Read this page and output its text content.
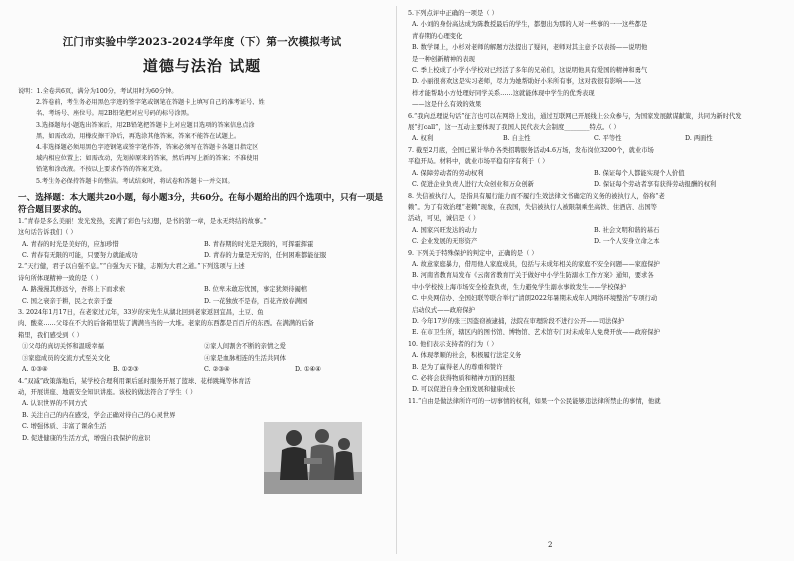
江门市实验中学2023-2024学年度（下）第一次模拟考试
道德与法治 试题
说明：1.全卷共6页，满分为100分，考试用时为60分钟。
2.答卷前，考生务必用黑色字迹的签字笔或钢笔在答题卡上填写自己的准考证号、姓
名、考场号、座位号。用2B铅笔把对应号码的标号涂黑。
3.选择题每小题选出答案后，用2B铅笔把答题卡上对应题目选项的答案信息点涂
黑，如需改动，用橡皮擦干净后，再选涂其他答案，答案不能答在试题上。
4.非选择题必须用黑色字迹钢笔或签字笔作答，答案必须写在答题卡各题目指定区
域内相应位置上；如需改动，先划掉原来的答案，然后再写上新的答案；不准使用
铅笔和涂改液。不按以上要求作答的答案无效。
5.考生务必保持答题卡的整洁。考试结束时，将试卷和答题卡一并交回。
一、选择题：本大题共20小题，每小题3分，共60分。在每小题给出的四个选项中，只有一项是符合题目要求的。
1.“青春是多么美丽！发光发热，充满了彩色与幻想，是书的第一章，是永无终结的故事。”
这句话告诉我们（ ）
A. 青春的时光是美好的，应加珍惜	B. 青春期的时光是无限的，可挥霍挥霍
C. 青春有无限的可能，只要努力就能成功	D. 青春的力量是无穷的，任何困难都能征服
2.“天行健，君子以自强不息。”“自强为天下健，志刚为大君之道。”下列选项与上述
诗句所体现精神一致的是（ ）
A. 路漫漫其修远兮，吾将上下而求索	B. 位卑未敢忘忧国，事定犹须待阖棺
C. 国之衰亲于耕，民之衣亲于蚕	D. 一花独放不是春，百花齐放春满园
3. 2024年1月17日，在老家过元年，33岁的宋先生从湖北回到老家返回宜昌，土豆、鱼
肉、酸菜……父母在不大的后备箱里装了满满当当的一大堆。老家的东西都是百百斤的东西。在满满的后备
箱里，我们感受到（ ）
①父母的真切关怀和温暖幸福	②家人间割舍不断的亲情之爱
③家庭成员的交流方式至关文化	④家是血脉相连的生活共同体
A. ①③④	B. ①②③	C. ②③④	D. ①④④
4.“双减”政策落地后，某学校合理利用课后延时服务开展了篮球、花样跳绳等体育活
动，开展讲座、地震安全知识讲座。该校的做法符合了学生（ ）
A. 认识世界的不同方式
B. 关注自己的内在感受，学会正确对待自己的心灵世界
C. 增强体质、丰富了课余生活
D. 促进健康的生活方式，增强自我保护的意识
5.下列点评中正确的一项是（ ）
A. 小刘的身份高达成为陈教授最后的学生，都想出为那的人对一些事的一一这些都是
青春期的心理变化
B. 数学课上，小杉对老师的解题方法提出了疑问，老师对其主意予以表扬——说明他
是一种创新精神的表现
C. 季上校成了小学小学校对已经活了多年的兄弟们，这说明他具有爱国的精神和勇气
D. 小丽很喜欢这是实习老师，尽力为她帮助好小米所有事，这对我很有影响——这
样才能帮助小方处理好同学关系……这就能体现中学生的优秀表现
——这是什么有效的效果
6.“我向总理说句话”征言也可以在网络上发出，通过互联网已开展线上公众参与，为国家发展献谋献策，共同为新时代发
展“打call”，这一互动主要体现了我国人民代表大会制度________特点。（ ）
A. 权利	B. 自主性	C. 平等性	D. 两面性
7. 截至2月底，全国已累计举办各类招聘服务活动4.6万场，发布岗位3200个，就业市场
平稳开局。材料中，就业市场平稳有序有利于（ ）
A. 保障劳动者的劳动权利	B. 保证每个人都能实现个人价值
C. 促进企业负责人进行大众创业和万众创新	D. 保证每个劳动者享有获得劳动报酬的权利
8. 失信被执行人，是指具有履行能力而不履行生效法律文书确定的义务的被执行人，俗称“老
赖”。为了有效治理“老赖”现象，在我国，失信被执行人被限制乘坐高铁、住酒店、出国等
活动，可见，诚信是（ ）
A. 国家兴旺发达的动力	B. 社会文明和谐的基石
C. 企业发展的无形资产	D. 一个人安身立命之本
9. 下列关于特殊保护的判定中，正确的是（ ）
A. 故意家庭暴力，借用他人家庭成员，包括与未成年相关的家庭不安全问题——家庭保护
B. 河南省教育局发布《云南省教育厅关于做好中小学生防溺水工作方案》通知，要求各
中小学校按上海市场安全检查负责，生力避免学生溺水事故发生——学校保护
C. 中央网信办、全国妇联等联合举行“清朗2022年暑期未成年人网络环境整治”专项行动
启动仪式——政府保护
D. 今年17岁的张三因盗窃被逮捕，法院在审理阶段不进行公开——司法保护
E. 在市卫生所，辖区内的图书馆、博物馆、艺术馆专门对未成年人免费开放——政府保护
10. 他们表示支持者的行为（ ）
A. 体现孝顺的社会，积极履行法定义务
B. 是为了赢得老人的尊重和赞许
C. 必将会获得物质和精神方面的回报
D. 可以促进自身全面发展和健康成长
11.“自由是做法律所许可的一切事情的权利，如果一个公民能够违法律所禁止的事情，他就
2
